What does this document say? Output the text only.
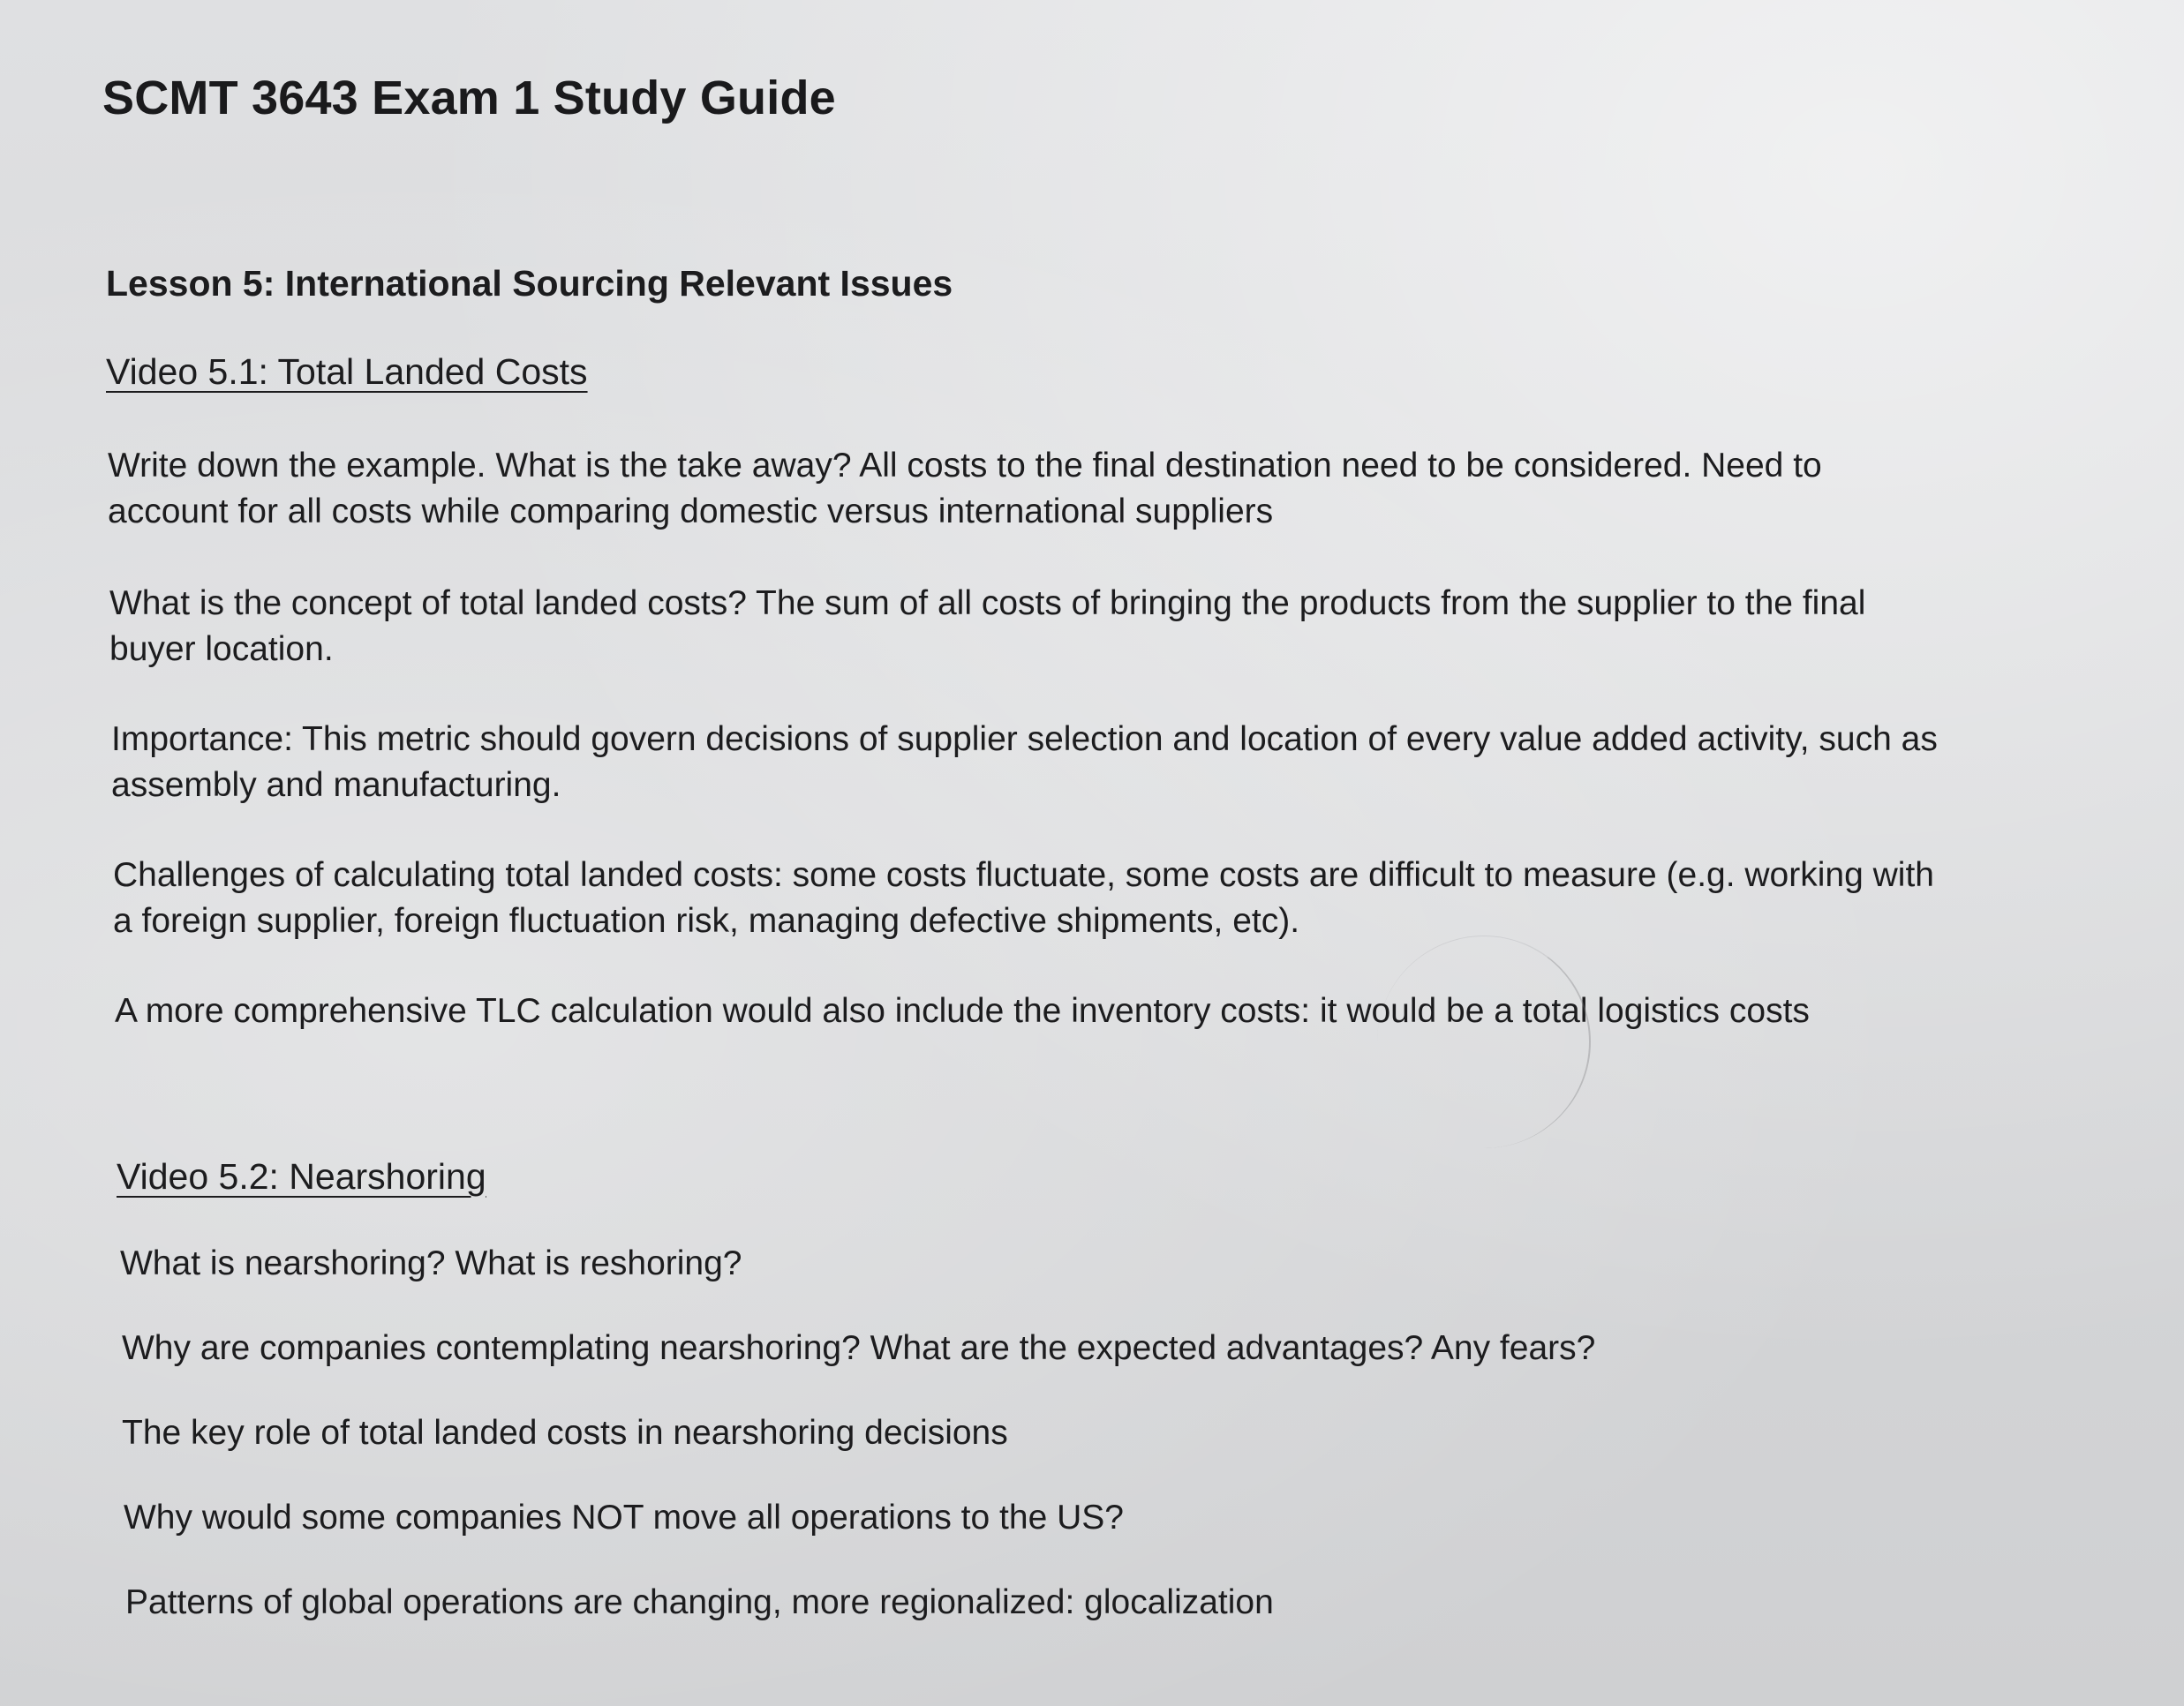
SCMT 3643 Exam 1 Study Guide
Lesson 5: International Sourcing Relevant Issues
Video 5.1: Total Landed Costs

Write down the example. What is the take away? All costs to the final destination need to be considered. Need to
account for all costs while comparing domestic versus international suppliers

What is the concept of total landed costs? The sum of all costs of bringing the products from the supplier to the final
buyer location.

Importance: This metric should govern decisions of supplier selection and location of every value added activity, such as
assembly and manufacturing.

Challenges of calculating total landed costs: some costs fluctuate, some costs are difficult to measure (e.g. working with
a foreign supplier, foreign fluctuation risk, managing defective shipments, etc).

A more comprehensive TLC calculation would also include the inventory costs: it would be a total logistics costs

Video 5.2: Nearshoring

What is nearshoring? What is reshoring?

Why are companies contemplating nearshoring? What are the expected advantages? Any fears?

The key role of total landed costs in nearshoring decisions

Why would some companies NOT move all operations to the US?

Patterns of global operations are changing, more regionalized: glocalization
